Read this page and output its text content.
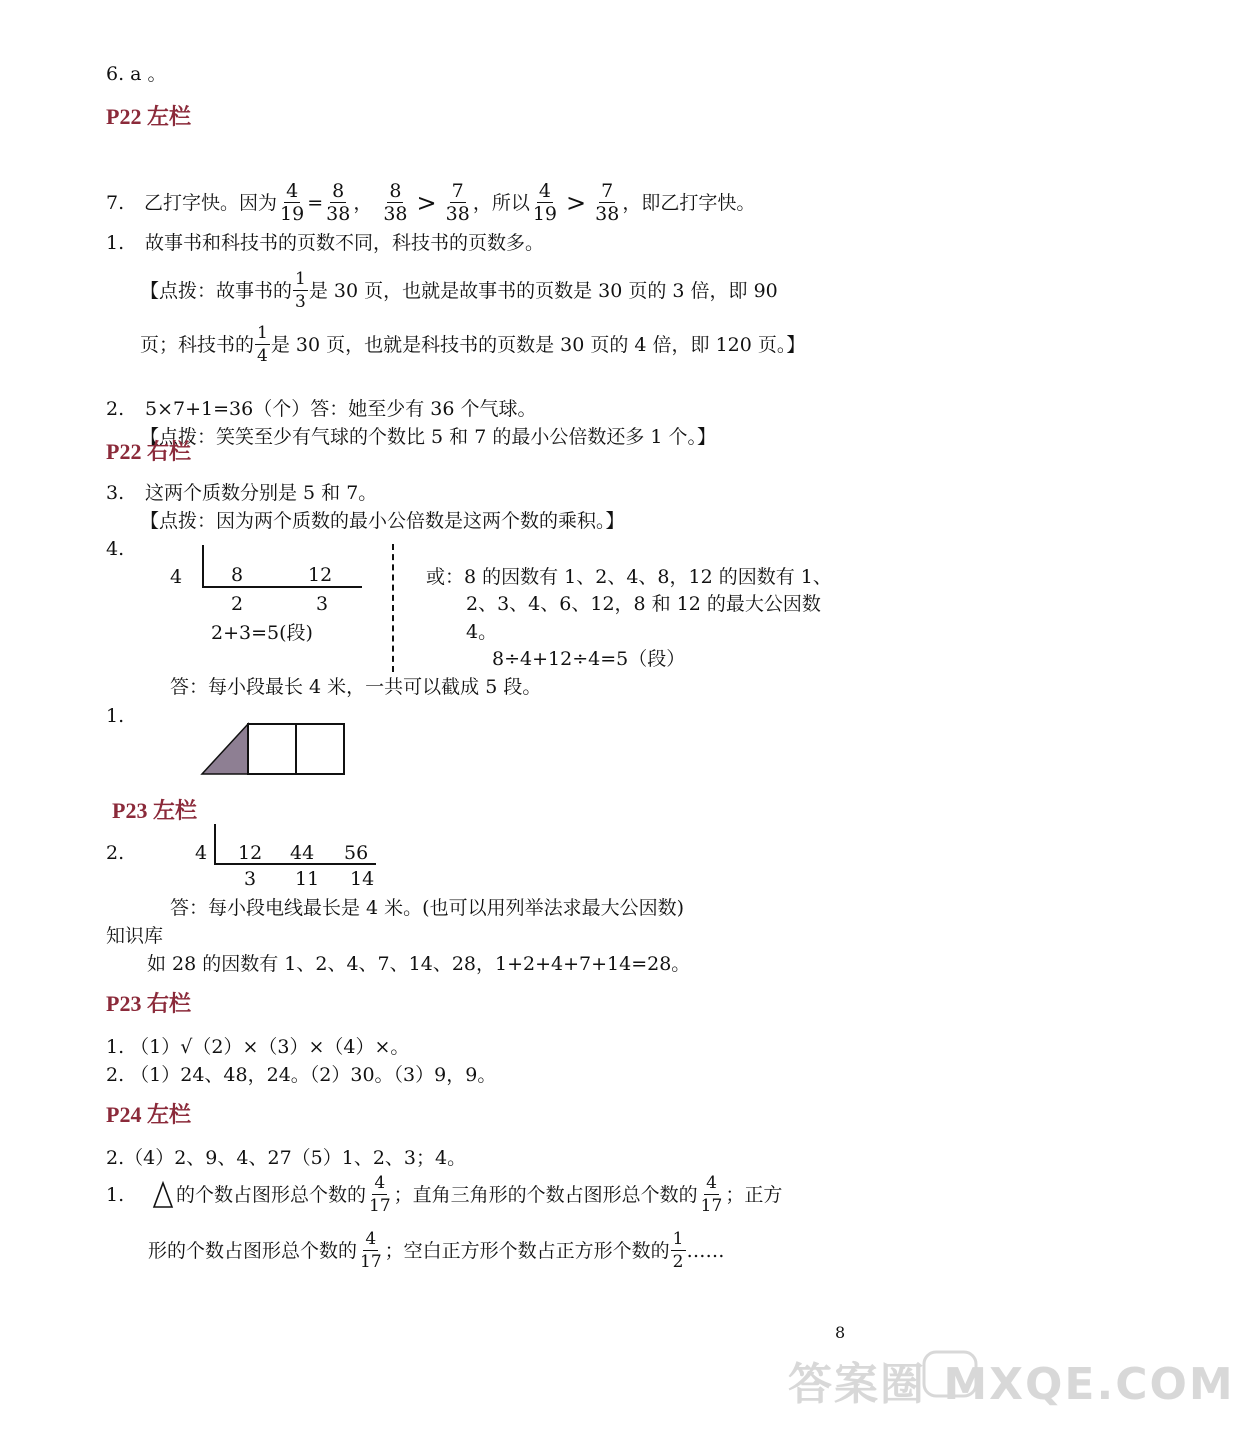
6. a 。
P22 左栏
7.	乙打字快。因为 $\frac{4}{19} = \frac{8}{38}$ ， $\frac{8}{38} > \frac{7}{38}$ ，所以 $\frac{4}{19} > \frac{7}{38}$ ，即乙打字快。
1. 故事书和科技书的页数不同，科技书的页数多。
【点拨：故事书的 $\frac{1}{3}$ 是 30 页，也就是故事书的页数是 30 页的 3 倍，即 90
页；科技书的 $\frac{1}{4}$ 是 30 页，也就是科技书的页数是 30 页的 4 倍，即 120 页。】
2. 5×7+1=36（个）答：她至少有 36 个气球。
【点拨：笑笑至少有气球的个数比 5 和 7 的最小公倍数还多 1 个。】
P22 右栏
3. 这两个质数分别是 5 和 7。
【点拨：因为两个质数的最小公倍数是这两个数的乘积。】
4.
4	8	12
2	3
2+3=5(段)
或：8 的因数有 1、2、4、8，12 的因数有 1、
2、3、4、6、12，8 和 12 的最大公因数
4。
8÷4+12÷4=5（段）
答：每小段最长 4 米，一共可以截成 5 段。
1.
P23 左栏
2.	4 12 44 56
3 11 14
答：每小段电线最长是 4 米。(也可以用列举法求最大公因数)
知识库
如 28 的因数有 1、2、4、7、14、28，1+2+4+7+14=28。
P23 右栏
1. （1）√（2）×（3）×（4）×。
2. （1）24、48，24。（2）30。（3）9，9。
P24 左栏
2.（4）2、9、4、27（5）1、2、3；4。
1.	的个数占图形总个数的 $\frac{4}{17}$ ；直角三角形的个数占图形总个数的 $\frac{4}{17}$ ；正方
形的个数占图形总个数的 $\frac{4}{17}$ ；空白正方形个数占正方形个数的 $\frac{1}{2}$ ……
8
答案圈 MXQE.COM
